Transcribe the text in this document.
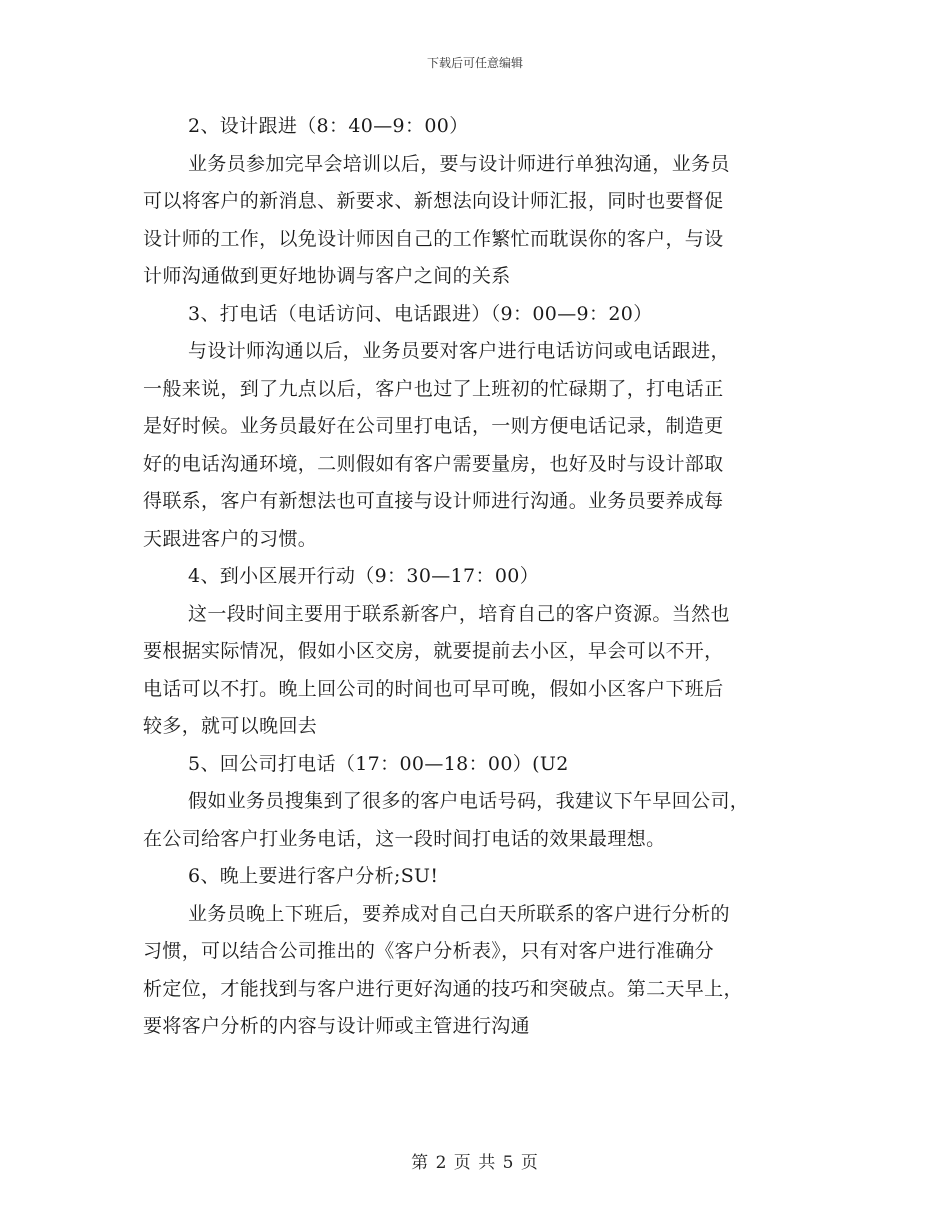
下载后可任意编辑
2、设计跟进（8：40—9：00）
业务员参加完早会培训以后，要与设计师进行单独沟通，业务员
可以将客户的新消息、新要求、新想法向设计师汇报，同时也要督促
设计师的工作，以免设计师因自己的工作繁忙而耽误你的客户，与设
计师沟通做到更好地协调与客户之间的关系
3、打电话（电话访问、电话跟进）（9：00—9：20）
与设计师沟通以后，业务员要对客户进行电话访问或电话跟进，
一般来说，到了九点以后，客户也过了上班初的忙碌期了，打电话正
是好时候。业务员最好在公司里打电话，一则方便电话记录，制造更
好的电话沟通环境，二则假如有客户需要量房，也好及时与设计部取
得联系，客户有新想法也可直接与设计师进行沟通。业务员要养成每
天跟进客户的习惯。
4、到小区展开行动（9：30—17：00）
这一段时间主要用于联系新客户，培育自己的客户资源。当然也
要根据实际情况，假如小区交房，就要提前去小区，早会可以不开，
电话可以不打。晚上回公司的时间也可早可晚，假如小区客户下班后
较多，就可以晚回去
5、回公司打电话（17：00—18：00）(U2
假如业务员搜集到了很多的客户电话号码，我建议下午早回公司，
在公司给客户打业务电话，这一段时间打电话的效果最理想。
6、晚上要进行客户分析;SU!
业务员晚上下班后，要养成对自己白天所联系的客户进行分析的
习惯，可以结合公司推出的《客户分析表》，只有对客户进行准确分
析定位，才能找到与客户进行更好沟通的技巧和突破点。第二天早上，
要将客户分析的内容与设计师或主管进行沟通
第 2 页 共 5 页
